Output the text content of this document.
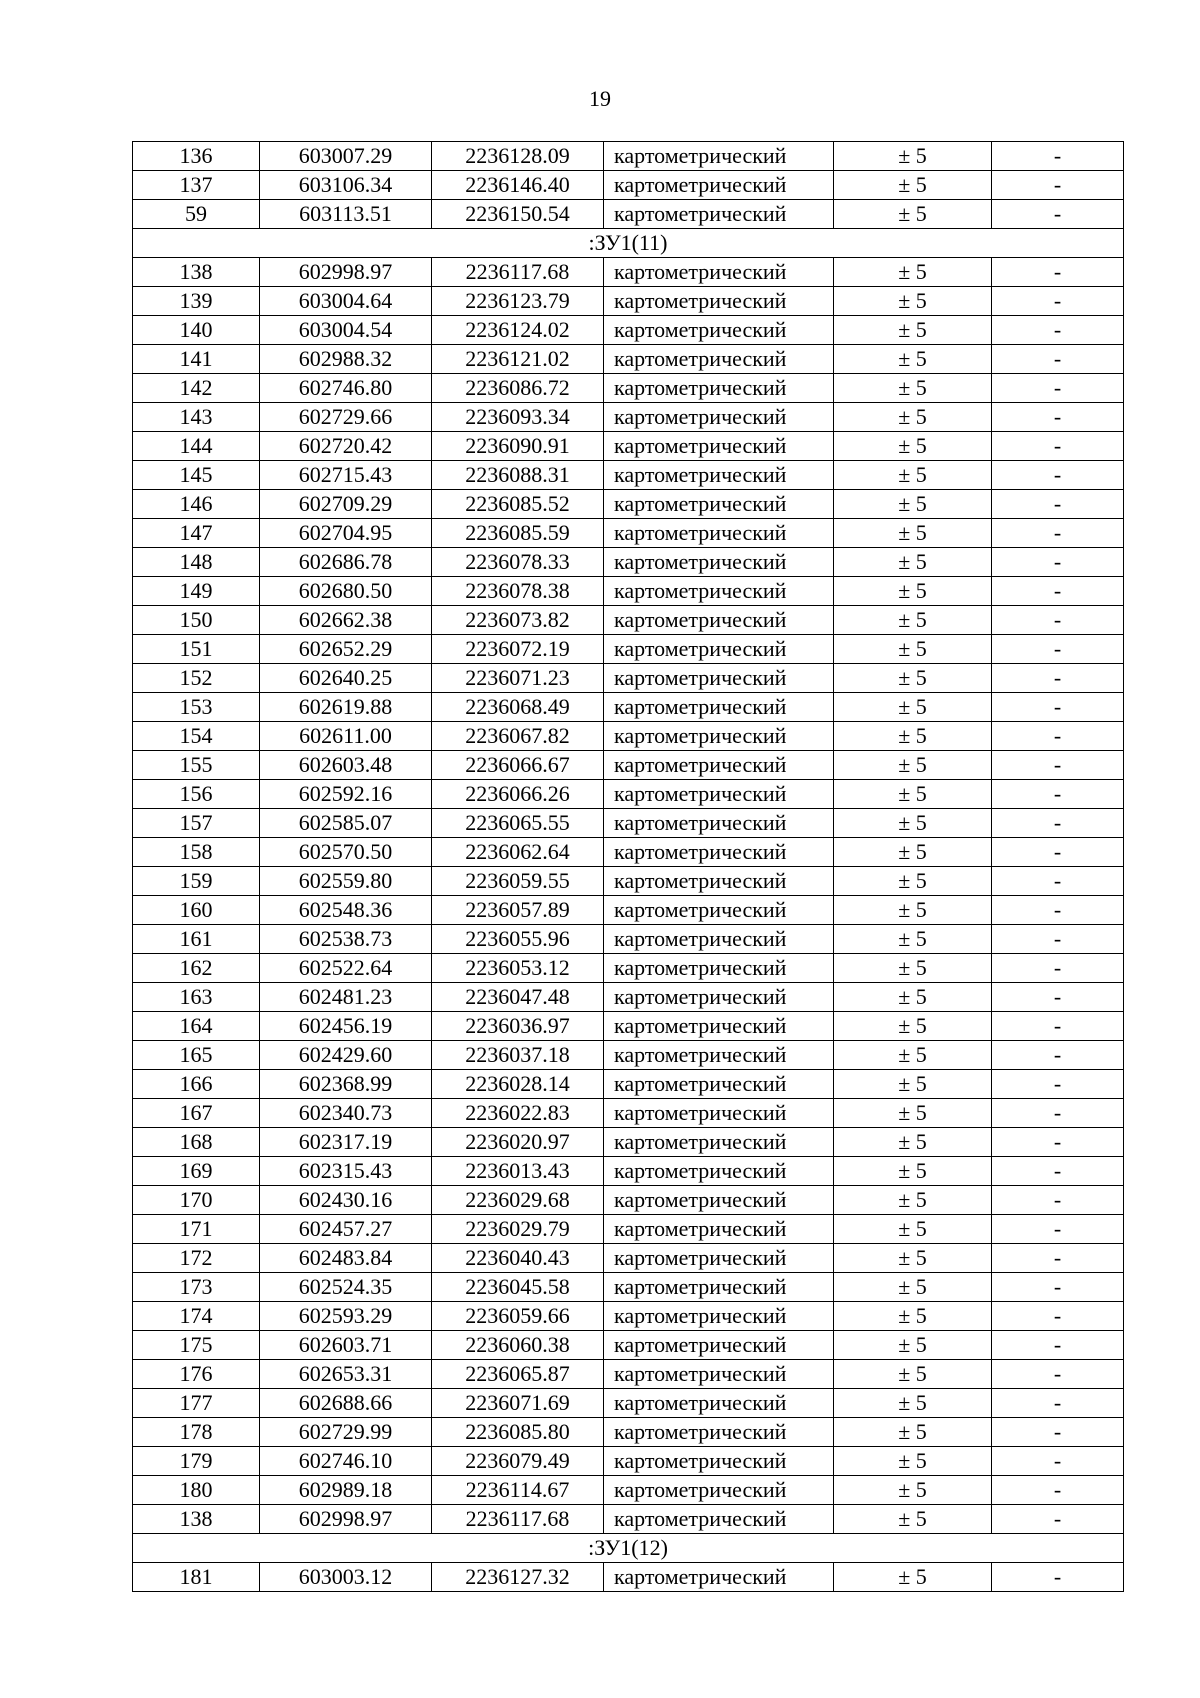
19
136	603007.29	2236128.09	картометрический	± 5	-
137	603106.34	2236146.40	картометрический	± 5	-
59	603113.51	2236150.54	картометрический	± 5	-
:ЗУ1(11)					
138	602998.97	2236117.68	картометрический	± 5	-
139	603004.64	2236123.79	картометрический	± 5	-
140	603004.54	2236124.02	картометрический	± 5	-
141	602988.32	2236121.02	картометрический	± 5	-
142	602746.80	2236086.72	картометрический	± 5	-
143	602729.66	2236093.34	картометрический	± 5	-
144	602720.42	2236090.91	картометрический	± 5	-
145	602715.43	2236088.31	картометрический	± 5	-
146	602709.29	2236085.52	картометрический	± 5	-
147	602704.95	2236085.59	картометрический	± 5	-
148	602686.78	2236078.33	картометрический	± 5	-
149	602680.50	2236078.38	картометрический	± 5	-
150	602662.38	2236073.82	картометрический	± 5	-
151	602652.29	2236072.19	картометрический	± 5	-
152	602640.25	2236071.23	картометрический	± 5	-
153	602619.88	2236068.49	картометрический	± 5	-
154	602611.00	2236067.82	картометрический	± 5	-
155	602603.48	2236066.67	картометрический	± 5	-
156	602592.16	2236066.26	картометрический	± 5	-
157	602585.07	2236065.55	картометрический	± 5	-
158	602570.50	2236062.64	картометрический	± 5	-
159	602559.80	2236059.55	картометрический	± 5	-
160	602548.36	2236057.89	картометрический	± 5	-
161	602538.73	2236055.96	картометрический	± 5	-
162	602522.64	2236053.12	картометрический	± 5	-
163	602481.23	2236047.48	картометрический	± 5	-
164	602456.19	2236036.97	картометрический	± 5	-
165	602429.60	2236037.18	картометрический	± 5	-
166	602368.99	2236028.14	картометрический	± 5	-
167	602340.73	2236022.83	картометрический	± 5	-
168	602317.19	2236020.97	картометрический	± 5	-
169	602315.43	2236013.43	картометрический	± 5	-
170	602430.16	2236029.68	картометрический	± 5	-
171	602457.27	2236029.79	картометрический	± 5	-
172	602483.84	2236040.43	картометрический	± 5	-
173	602524.35	2236045.58	картометрический	± 5	-
174	602593.29	2236059.66	картометрический	± 5	-
175	602603.71	2236060.38	картометрический	± 5	-
176	602653.31	2236065.87	картометрический	± 5	-
177	602688.66	2236071.69	картометрический	± 5	-
178	602729.99	2236085.80	картометрический	± 5	-
179	602746.10	2236079.49	картометрический	± 5	-
180	602989.18	2236114.67	картометрический	± 5	-
138	602998.97	2236117.68	картометрический	± 5	-
:ЗУ1(12)					
181	603003.12	2236127.32	картометрический	± 5	-
